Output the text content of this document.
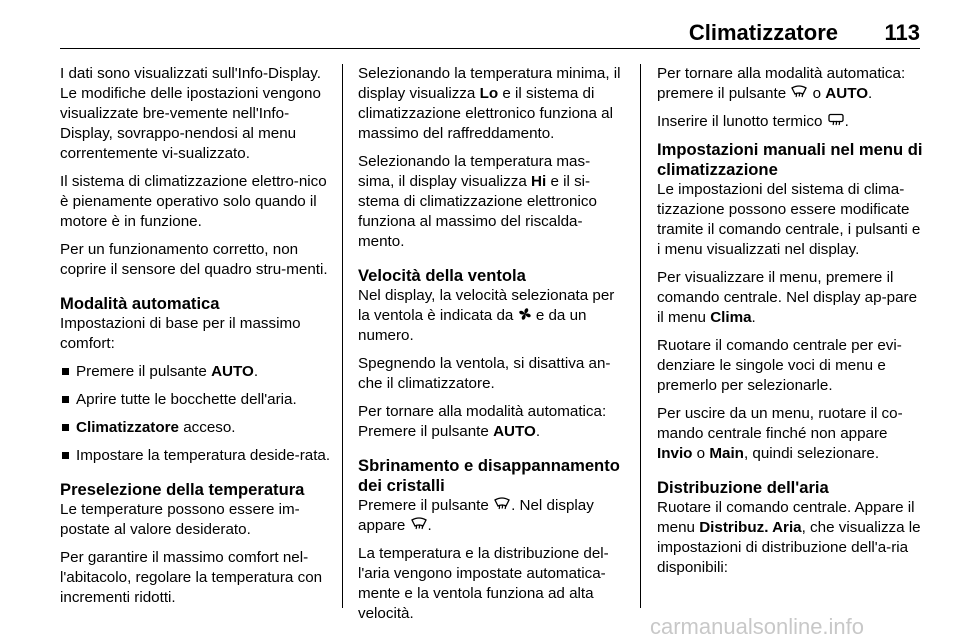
Climatizzatore 113

I dati sono visualizzati sull'Info-Display. Le modifiche delle ipostazioni vengono visualizzate bre-vemente nell'Info-Display, sovrappo-nendosi al menu correntemente vi-sualizzato.

Il sistema di climatizzazione elettro-nico è pienamente operativo solo quando il motore è in funzione.

Per un funzionamento corretto, non coprire il sensore del quadro stru-menti.

Modalità automatica

Impostazioni di base per il massimo comfort:

Premere il pulsante AUTO.
Aprire tutte le bocchette dell'aria.
Climatizzatore acceso.
Impostare la temperatura deside-rata.
Preselezione della temperatura

Le temperature possono essere im-postate al valore desiderato.

Per garantire il massimo comfort nel-l'abitacolo, regolare la temperatura con incrementi ridotti.

Selezionando la temperatura minima, il display visualizza Lo e il sistema di climatizzazione elettronico funziona al massimo del raffreddamento.

Selezionando la temperatura mas-sima, il display visualizza Hi e il si-stema di climatizzazione elettronico funziona al massimo del riscalda-mento.

Velocità della ventola

Nel display, la velocità selezionata per la ventola è indicata da  e da un numero.

Spegnendo la ventola, si disattiva an-che il climatizzatore.

Per tornare alla modalità automatica: Premere il pulsante AUTO.

Sbrinamento e disappannamento dei cristalli

Premere il pulsante . Nel display appare .

La temperatura e la distribuzione del-l'aria vengono impostate automatica-mente e la ventola funziona ad alta velocità.

Per tornare alla modalità automatica: premere il pulsante  o AUTO.

Inserire il lunotto termico .

Impostazioni manuali nel menu di climatizzazione

Le impostazioni del sistema di clima-tizzazione possono essere modificate tramite il comando centrale, i pulsanti e i menu visualizzati nel display.

Per visualizzare il menu, premere il comando centrale. Nel display ap-pare il menu Clima.

Ruotare il comando centrale per evi-denziare le singole voci di menu e premerlo per selezionarle.

Per uscire da un menu, ruotare il co-mando centrale finché non appare Invio o Main, quindi selezionare.

Distribuzione dell'aria

Ruotare il comando centrale. Appare il menu Distribuz. Aria, che visualizza le impostazioni di distribuzione dell'a-ria disponibili:

carmanualsonline.info
